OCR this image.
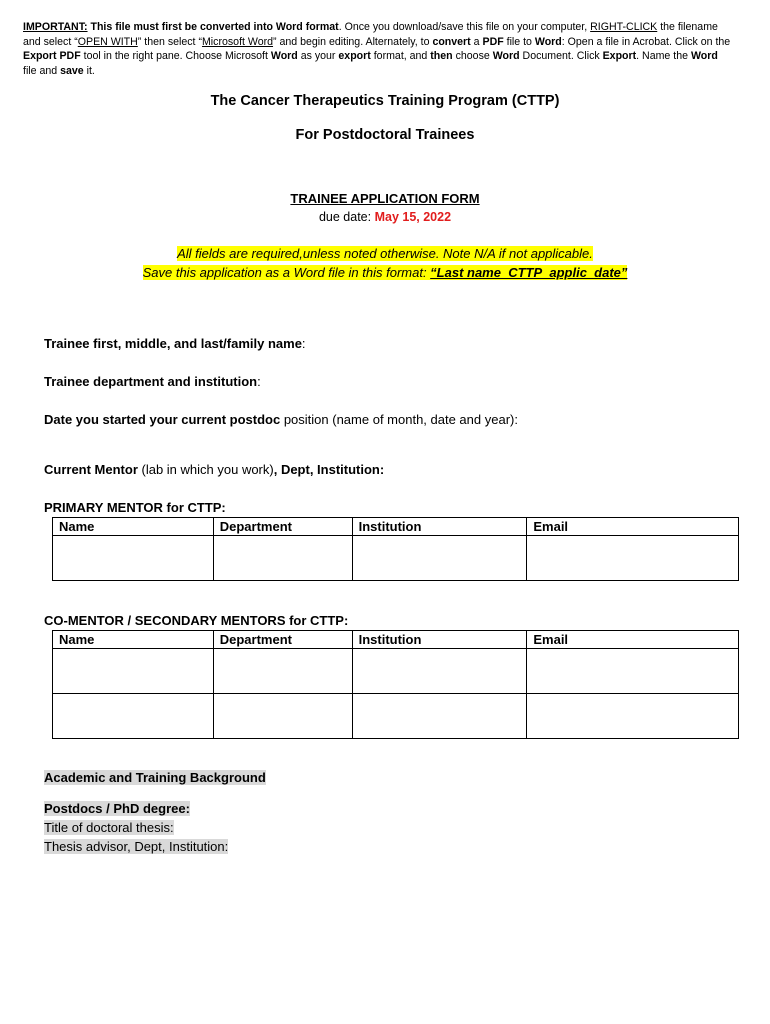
IMPORTANT: This file must first be converted into Word format. Once you download/save this file on your computer, RIGHT-CLICK the filename and select “OPEN WITH” then select “Microsoft Word” and begin editing. Alternately, to convert a PDF file to Word: Open a file in Acrobat. Click on the Export PDF tool in the right pane. Choose Microsoft Word as your export format, and then choose Word Document. Click Export. Name the Word file and save it.
The Cancer Therapeutics Training Program (CTTP)
For Postdoctoral Trainees
TRAINEE APPLICATION FORM
due date: May 15, 2022
All fields are required,unless noted otherwise. Note N/A if not applicable.
Save this application as a Word file in this format: “Last name_CTTP_applic_date”
Trainee first, middle, and last/family name:
Trainee department and institution:
Date you started your current postdoc position (name of month, date and year):
Current Mentor (lab in which you work), Dept, Institution:
PRIMARY MENTOR for CTTP:
Name	Department	Institution	Email

CO-MENTOR / SECONDARY MENTORS for CTTP:
Name	Department	Institution	Email

Academic and Training Background
Postdocs / PhD degree:
Title of doctoral thesis:
Thesis advisor, Dept, Institution:
